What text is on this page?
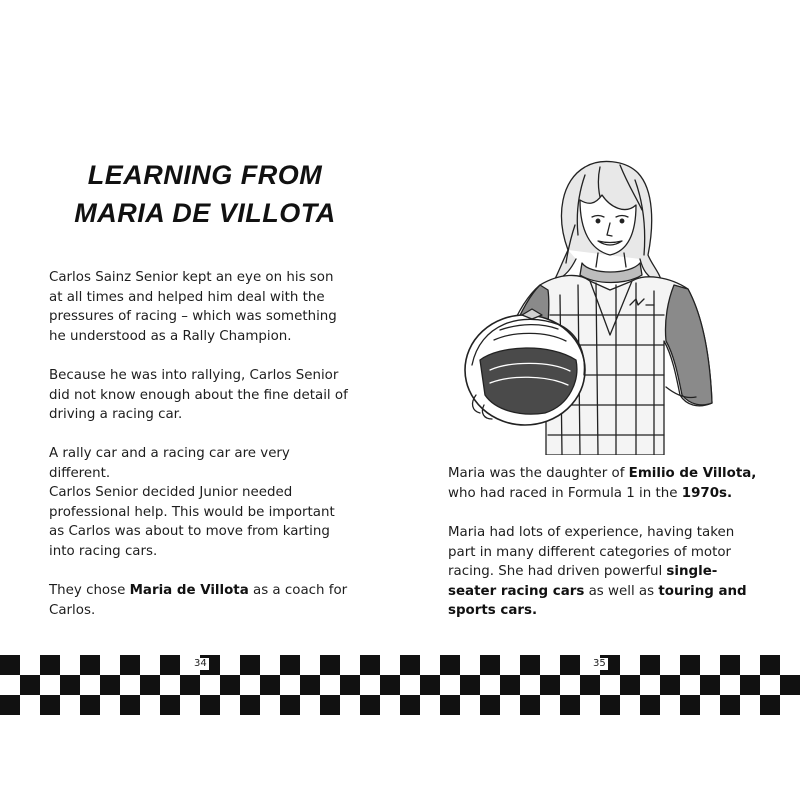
LEARNING FROM
MARIA DE VILLOTA

Carlos Sainz Senior kept an eye on his son at all times and helped him deal with the pressures of racing – which was something he understood as a Rally Champion.

Because he was into rallying, Carlos Senior did not know enough about the fine detail of driving a racing car.

A rally car and a racing car are very different.

Carlos Senior decided Junior needed professional help. This would be important as Carlos was about to move from karting into racing cars.

They chose Maria de Villota as a coach for Carlos.

Maria was the daughter of Emilio de Villota, who had raced in Formula 1 in the 1970s.

Maria had lots of experience, having taken part in many different categories of motor racing. She had driven powerful single-seater racing cars as well as touring and sports cars.

34	35
